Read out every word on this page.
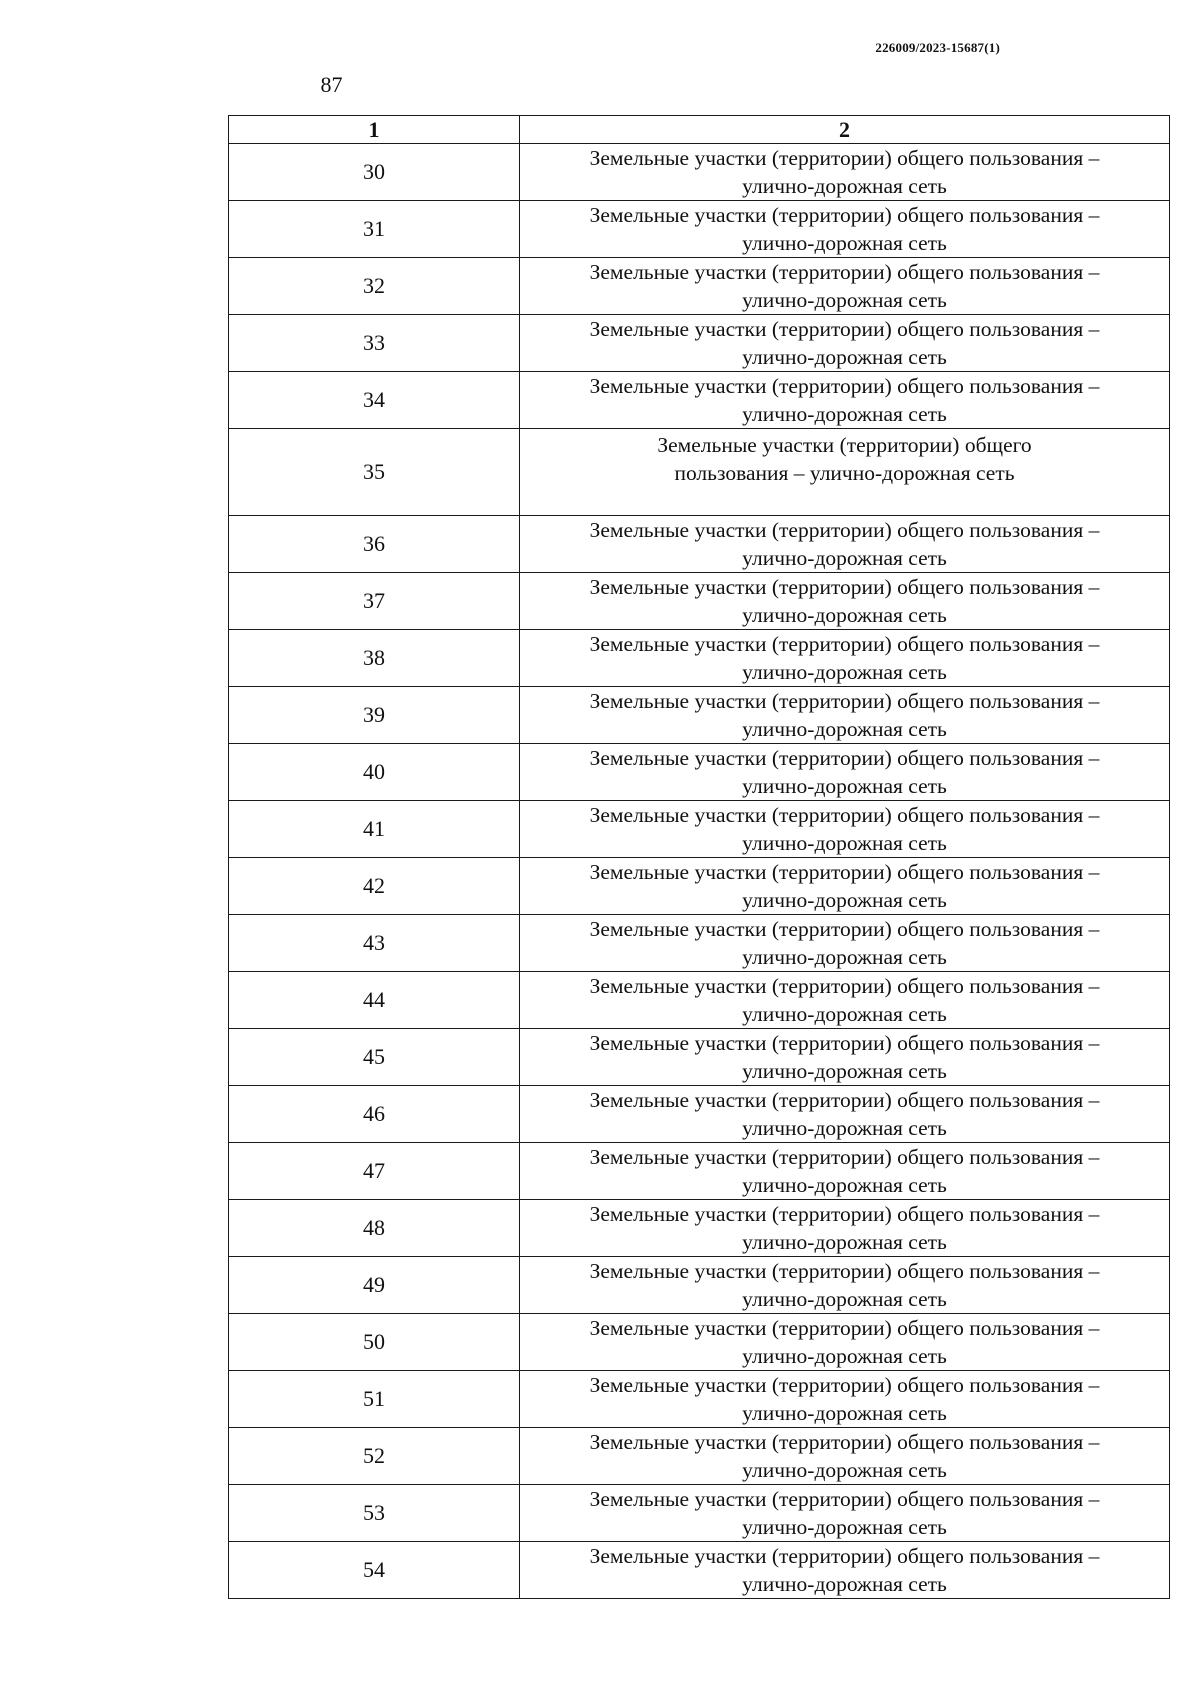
226009/2023-15687(1)
87
1	2
30	Земельные участки (территории) общего пользования –
улично-дорожная сеть

31	Земельные участки (территории) общего пользования –
улично-дорожная сеть

32	Земельные участки (территории) общего пользования –
улично-дорожная сеть

33	Земельные участки (территории) общего пользования –
улично-дорожная сеть

34	Земельные участки (территории) общего пользования –
улично-дорожная сеть

35	Земельные участки (территории) общего
пользования – улично-дорожная сеть

36	Земельные участки (территории) общего пользования –
улично-дорожная сеть

37	Земельные участки (территории) общего пользования –
улично-дорожная сеть

38	Земельные участки (территории) общего пользования –
улично-дорожная сеть

39	Земельные участки (территории) общего пользования –
улично-дорожная сеть

40	Земельные участки (территории) общего пользования –
улично-дорожная сеть

41	Земельные участки (территории) общего пользования –
улично-дорожная сеть

42	Земельные участки (территории) общего пользования –
улично-дорожная сеть

43	Земельные участки (территории) общего пользования –
улично-дорожная сеть

44	Земельные участки (территории) общего пользования –
улично-дорожная сеть

45	Земельные участки (территории) общего пользования –
улично-дорожная сеть

46	Земельные участки (территории) общего пользования –
улично-дорожная сеть

47	Земельные участки (территории) общего пользования –
улично-дорожная сеть

48	Земельные участки (территории) общего пользования –
улично-дорожная сеть

49	Земельные участки (территории) общего пользования –
улично-дорожная сеть

50	Земельные участки (территории) общего пользования –
улично-дорожная сеть

51	Земельные участки (территории) общего пользования –
улично-дорожная сеть

52	Земельные участки (территории) общего пользования –
улично-дорожная сеть

53	Земельные участки (территории) общего пользования –
улично-дорожная сеть

54	Земельные участки (территории) общего пользования –
улично-дорожная сеть
